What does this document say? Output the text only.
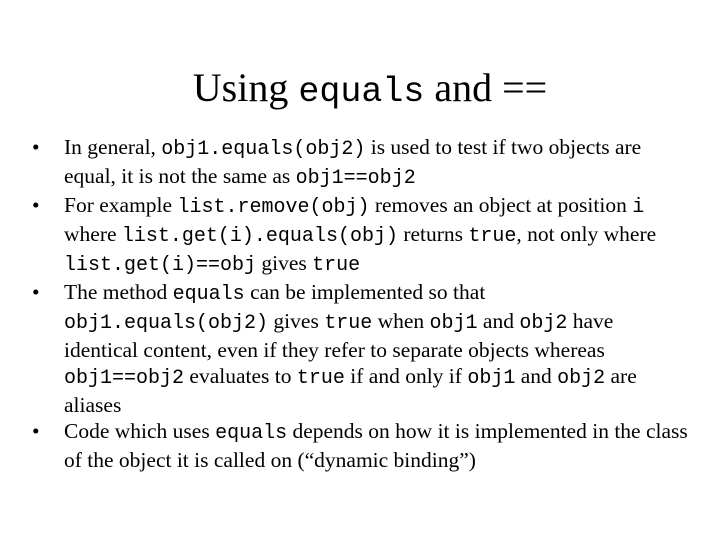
Using equals and ==
• In general, obj1.equals(obj2) is used to test if two objects are equal, it is not the same as obj1==obj2
• For example list.remove(obj) removes an object at position i where list.get(i).equals(obj) returns true, not only where list.get(i)==obj gives true
• The method equals can be implemented so that obj1.equals(obj2) gives true when obj1 and obj2 have identical content, even if they refer to separate objects whereas obj1==obj2 evaluates to true if and only if obj1 and obj2 are aliases
• Code which uses equals depends on how it is implemented in the class of the object it is called on (“dynamic binding”)
